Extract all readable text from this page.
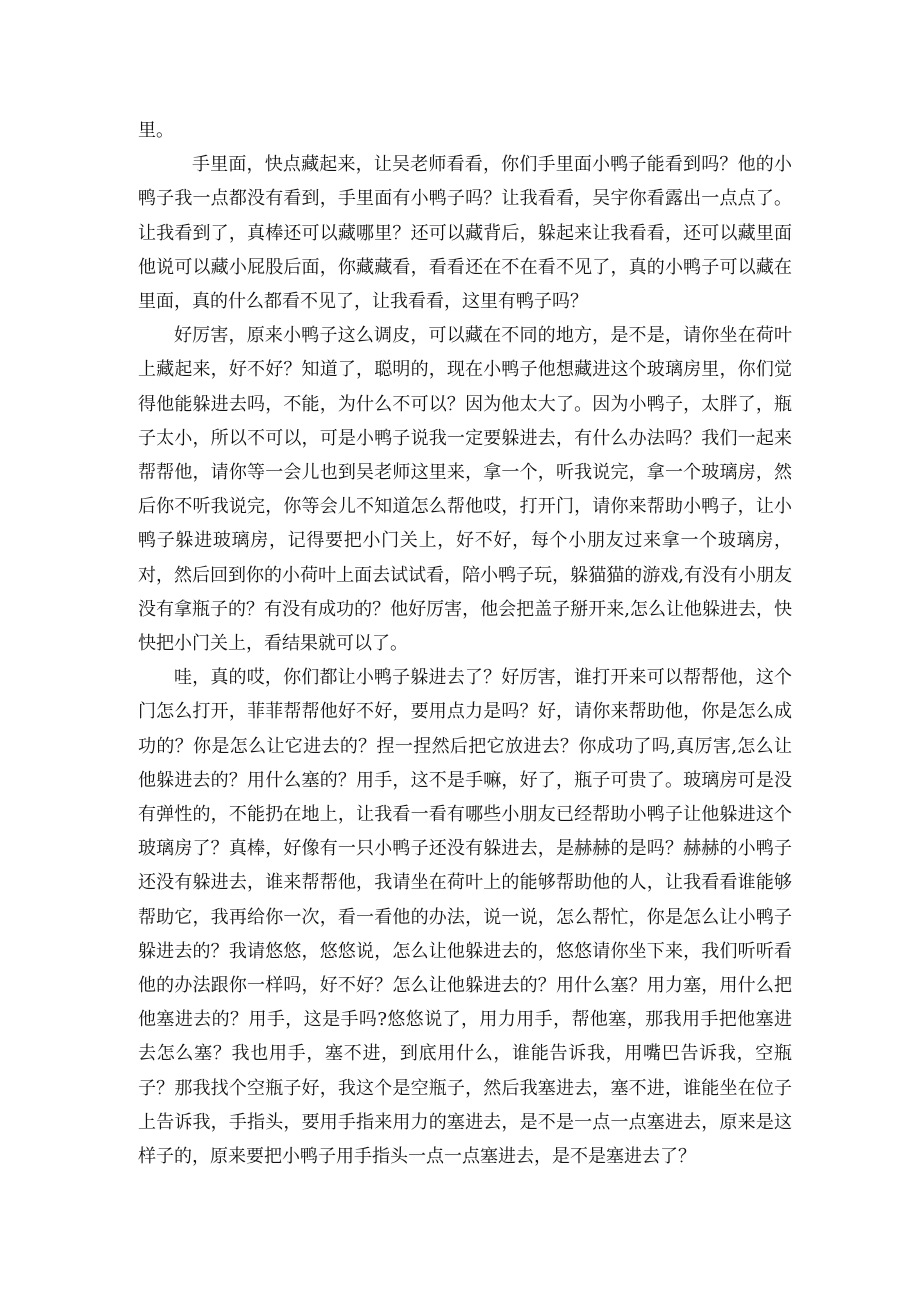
里。

手里面，快点藏起来，让吴老师看看，你们手里面小鸭子能看到吗？他的小鸭子我一点都没有看到，手里面有小鸭子吗？让我看看，吴宇你看露出一点点了。让我看到了，真棒还可以藏哪里？还可以藏背后，躲起来让我看看，还可以藏里面他说可以藏小屁股后面，你藏藏看，看看还在不在看不见了，真的小鸭子可以藏在里面，真的什么都看不见了，让我看看，这里有鸭子吗？

好厉害，原来小鸭子这么调皮，可以藏在不同的地方，是不是，请你坐在荷叶上藏起来，好不好？知道了，聪明的，现在小鸭子他想藏进这个玻璃房里，你们觉得他能躲进去吗，不能，为什么不可以？因为他太大了。因为小鸭子，太胖了，瓶子太小，所以不可以，可是小鸭子说我一定要躲进去，有什么办法吗？我们一起来帮帮他，请你等一会儿也到吴老师这里来，拿一个，听我说完，拿一个玻璃房，然后你不听我说完，你等会儿不知道怎么帮他哎，打开门，请你来帮助小鸭子，让小鸭子躲进玻璃房，记得要把小门关上，好不好，每个小朋友过来拿一个玻璃房，对，然后回到你的小荷叶上面去试试看，陪小鸭子玩，躲猫猫的游戏,有没有小朋友没有拿瓶子的？有没有成功的？他好厉害，他会把盖子掰开来,怎么让他躲进去，快快把小门关上，看结果就可以了。

哇，真的哎，你们都让小鸭子躲进去了？好厉害，谁打开来可以帮帮他，这个门怎么打开，菲菲帮帮他好不好，要用点力是吗？好，请你来帮助他，你是怎么成功的？你是怎么让它进去的？捏一捏然后把它放进去？你成功了吗,真厉害,怎么让他躲进去的？用什么塞的？用手，这不是手嘛，好了，瓶子可贵了。玻璃房可是没有弹性的，不能扔在地上，让我看一看有哪些小朋友已经帮助小鸭子让他躲进这个玻璃房了？真棒，好像有一只小鸭子还没有躲进去，是赫赫的是吗？赫赫的小鸭子还没有躲进去，谁来帮帮他，我请坐在荷叶上的能够帮助他的人，让我看看谁能够帮助它，我再给你一次，看一看他的办法，说一说，怎么帮忙，你是怎么让小鸭子躲进去的？我请悠悠，悠悠说，怎么让他躲进去的，悠悠请你坐下来，我们听听看他的办法跟你一样吗，好不好？怎么让他躲进去的？用什么塞？用力塞，用什么把他塞进去的？用手，这是手吗?悠悠说了，用力用手，帮他塞，那我用手把他塞进去怎么塞？我也用手，塞不进，到底用什么，谁能告诉我，用嘴巴告诉我，空瓶子？那我找个空瓶子好，我这个是空瓶子，然后我塞进去，塞不进，谁能坐在位子上告诉我，手指头，要用手指来用力的塞进去，是不是一点一点塞进去，原来是这样子的，原来要把小鸭子用手指头一点一点塞进去，是不是塞进去了？
